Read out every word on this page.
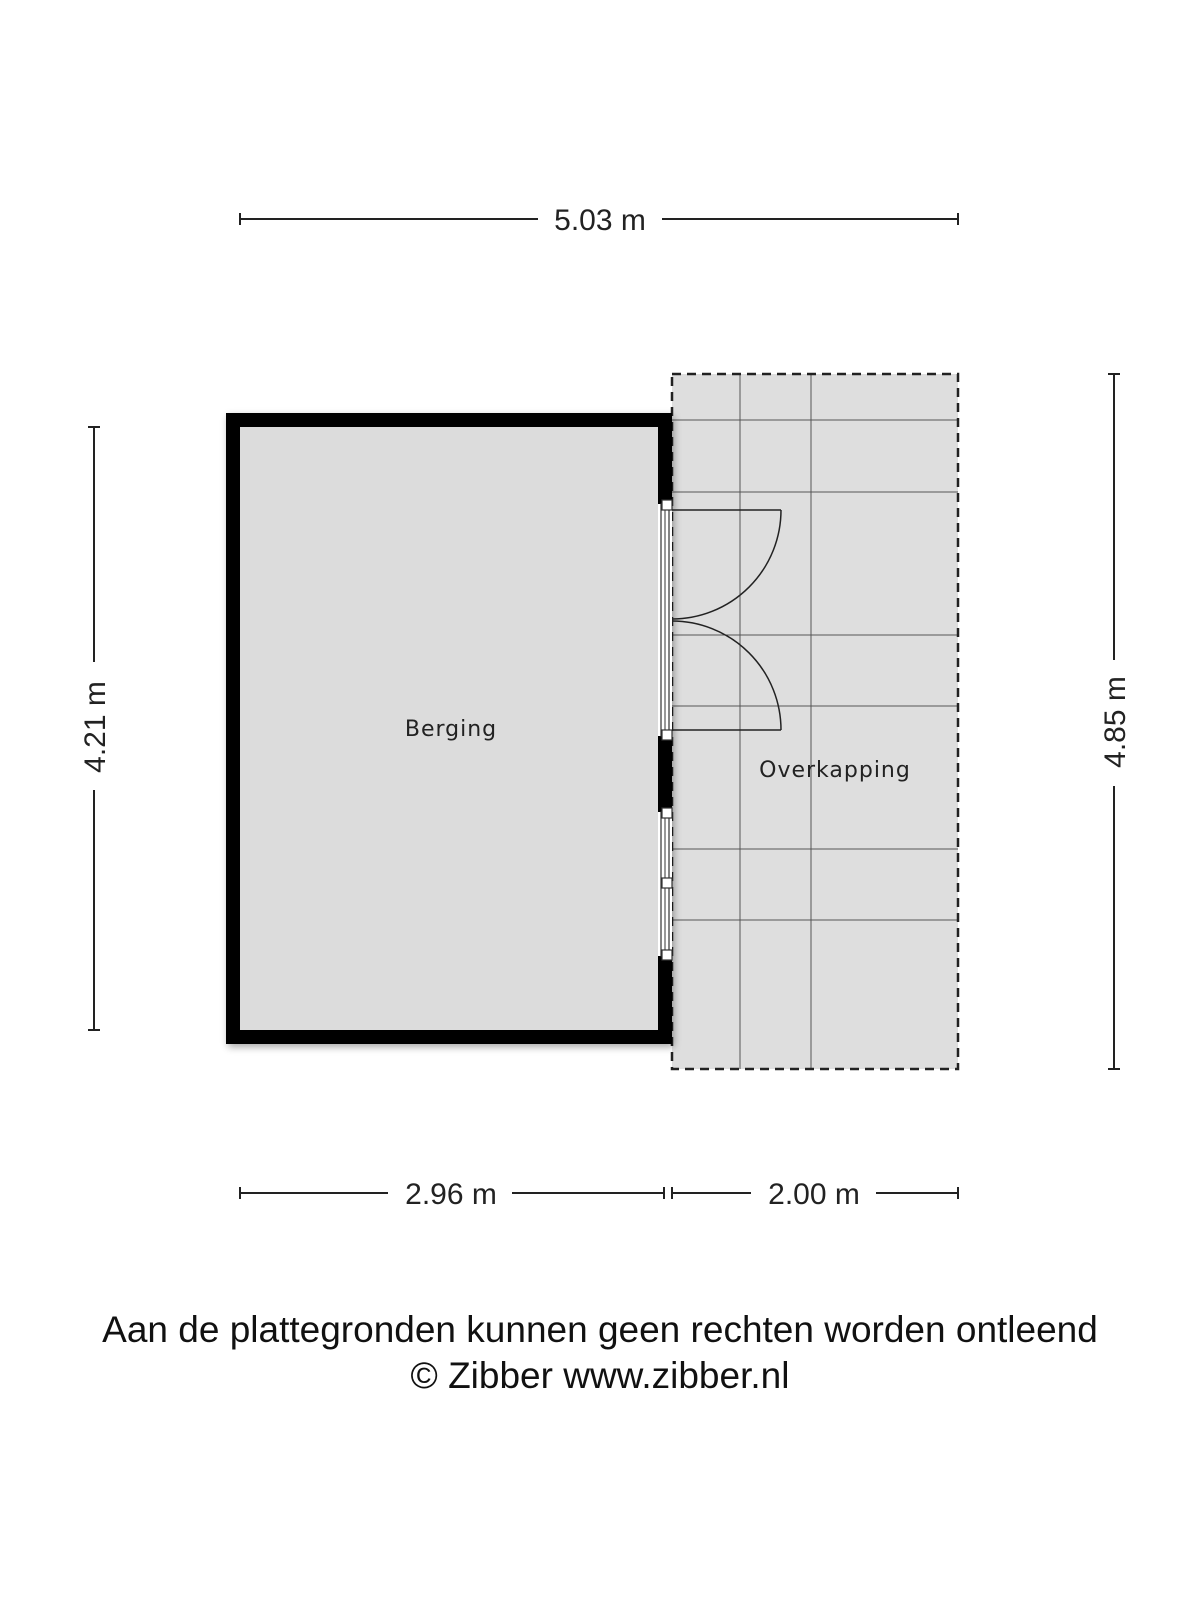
Berging
Overkapping
5.03 m
4.21 m	4.85 m
2.96 m	2.00 m
Aan de plattegronden kunnen geen rechten worden ontleend
© Zibber www.zibber.nl
